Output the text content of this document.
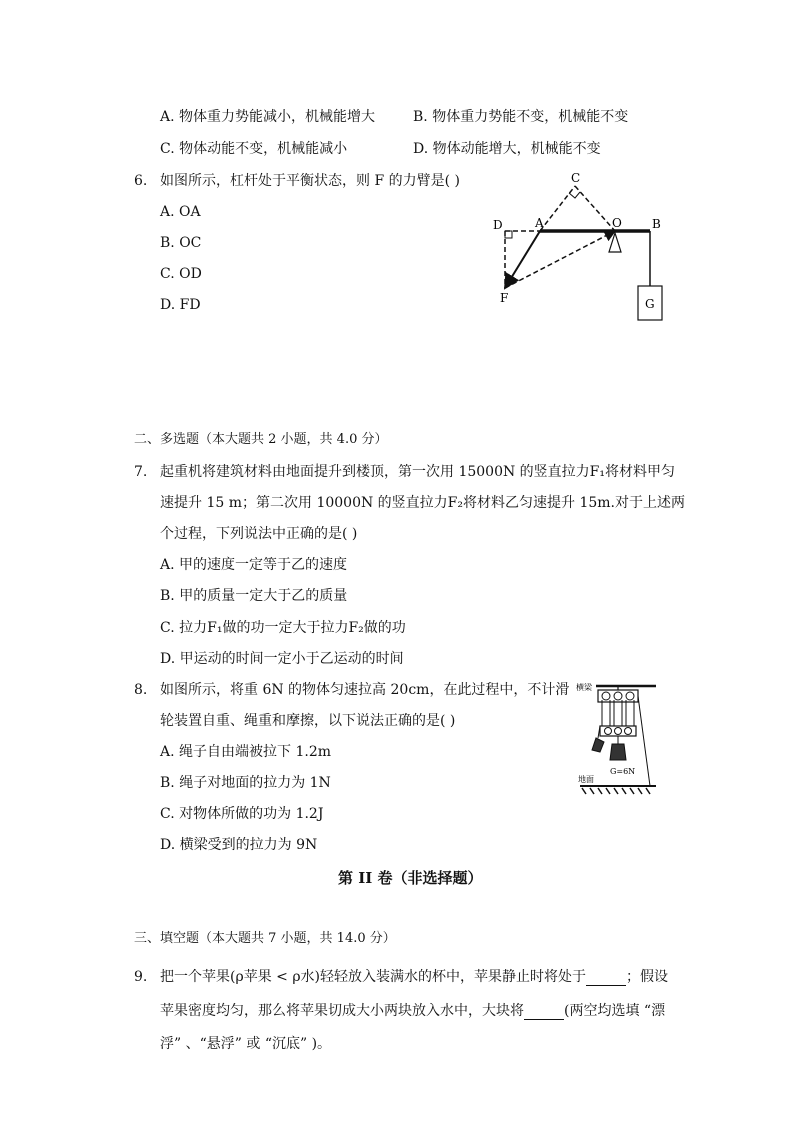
A. 物体重力势能减小，机械能增大	B. 物体重力势能不变，机械能不变
C. 物体动能不变，机械能减小	D. 物体动能增大，机械能不变
6. 如图所示，杠杆处于平衡状态，则 F 的力臂是( )
A. OA
B. OC
C. OD
D. FD
C
D	A	O	B
F	G
二、多选题（本大题共 2 小题，共 4.0 分）
7. 起重机将建筑材料由地面提升到楼顶，第一次用 15000N 的竖直拉力F₁将材料甲匀
速提升 15 m；第二次用 10000N 的竖直拉力F₂将材料乙匀速提升 15m.对于上述两
个过程，下列说法中正确的是( )
A. 甲的速度一定等于乙的速度
B. 甲的质量一定大于乙的质量
C. 拉力F₁做的功一定大于拉力F₂做的功
D. 甲运动的时间一定小于乙运动的时间
8. 如图所示，将重 6N 的物体匀速拉高 20cm，在此过程中，不计滑
轮装置自重、绳重和摩擦，以下说法正确的是( )
A. 绳子自由端被拉下 1.2m
B. 绳子对地面的拉力为 1N
C. 对物体所做的功为 1.2J
D. 横梁受到的拉力为 9N
横梁
地面
G=6N
第 II 卷（非选择题）
三、填空题（本大题共 7 小题，共 14.0 分）
9. 把一个苹果(ρ苹果 < ρ水)轻轻放入装满水的杯中，苹果静止时将处于	；假设
苹果密度均匀，那么将苹果切成大小两块放入水中，大块将	(两空均选填 “漂
浮” 、“悬浮” 或 “沉底” )。
